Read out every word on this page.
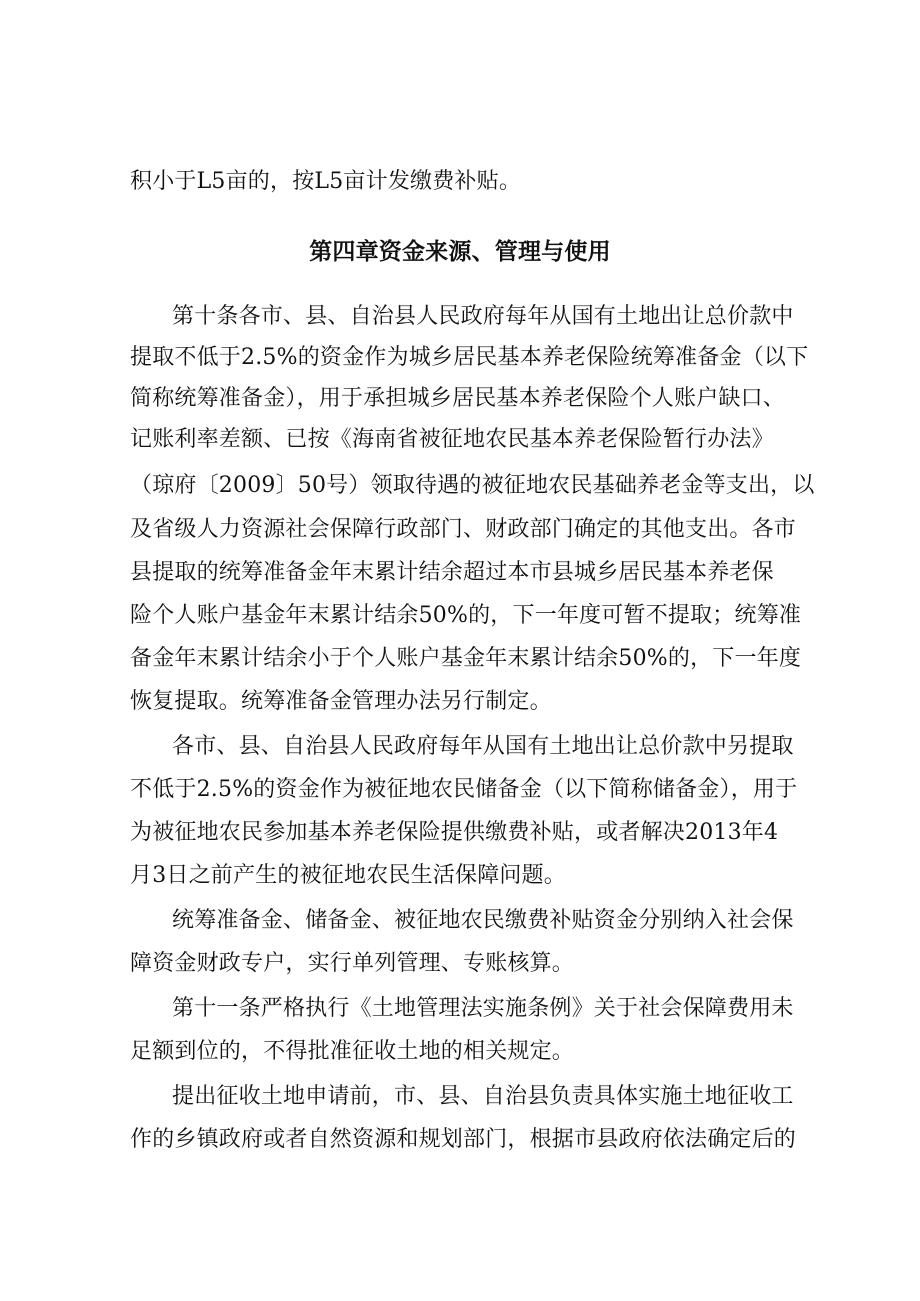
积小于L5亩的，按L5亩计发缴费补贴。
第四章资金来源、管理与使用
第十条各市、县、自治县人民政府每年从国有土地出让总价款中
提取不低于2.5%的资金作为城乡居民基本养老保险统筹准备金（以下
简称统筹准备金），用于承担城乡居民基本养老保险个人账户缺口、
记账利率差额、已按《海南省被征地农民基本养老保险暂行办法》
（琼府〔2009〕50号）领取待遇的被征地农民基础养老金等支出，以
及省级人力资源社会保障行政部门、财政部门确定的其他支出。各市
县提取的统筹准备金年末累计结余超过本市县城乡居民基本养老保
险个人账户基金年末累计结余50%的，下一年度可暂不提取；统筹准
备金年末累计结余小于个人账户基金年末累计结余50%的，下一年度
恢复提取。统筹准备金管理办法另行制定。
各市、县、自治县人民政府每年从国有土地出让总价款中另提取
不低于2.5%的资金作为被征地农民储备金（以下简称储备金），用于
为被征地农民参加基本养老保险提供缴费补贴，或者解决2013年4
月3日之前产生的被征地农民生活保障问题。
统筹准备金、储备金、被征地农民缴费补贴资金分别纳入社会保
障资金财政专户，实行单列管理、专账核算。
第十一条严格执行《土地管理法实施条例》关于社会保障费用未
足额到位的，不得批准征收土地的相关规定。
提出征收土地申请前，市、县、自治县负责具体实施土地征收工
作的乡镇政府或者自然资源和规划部门，根据市县政府依法确定后的
